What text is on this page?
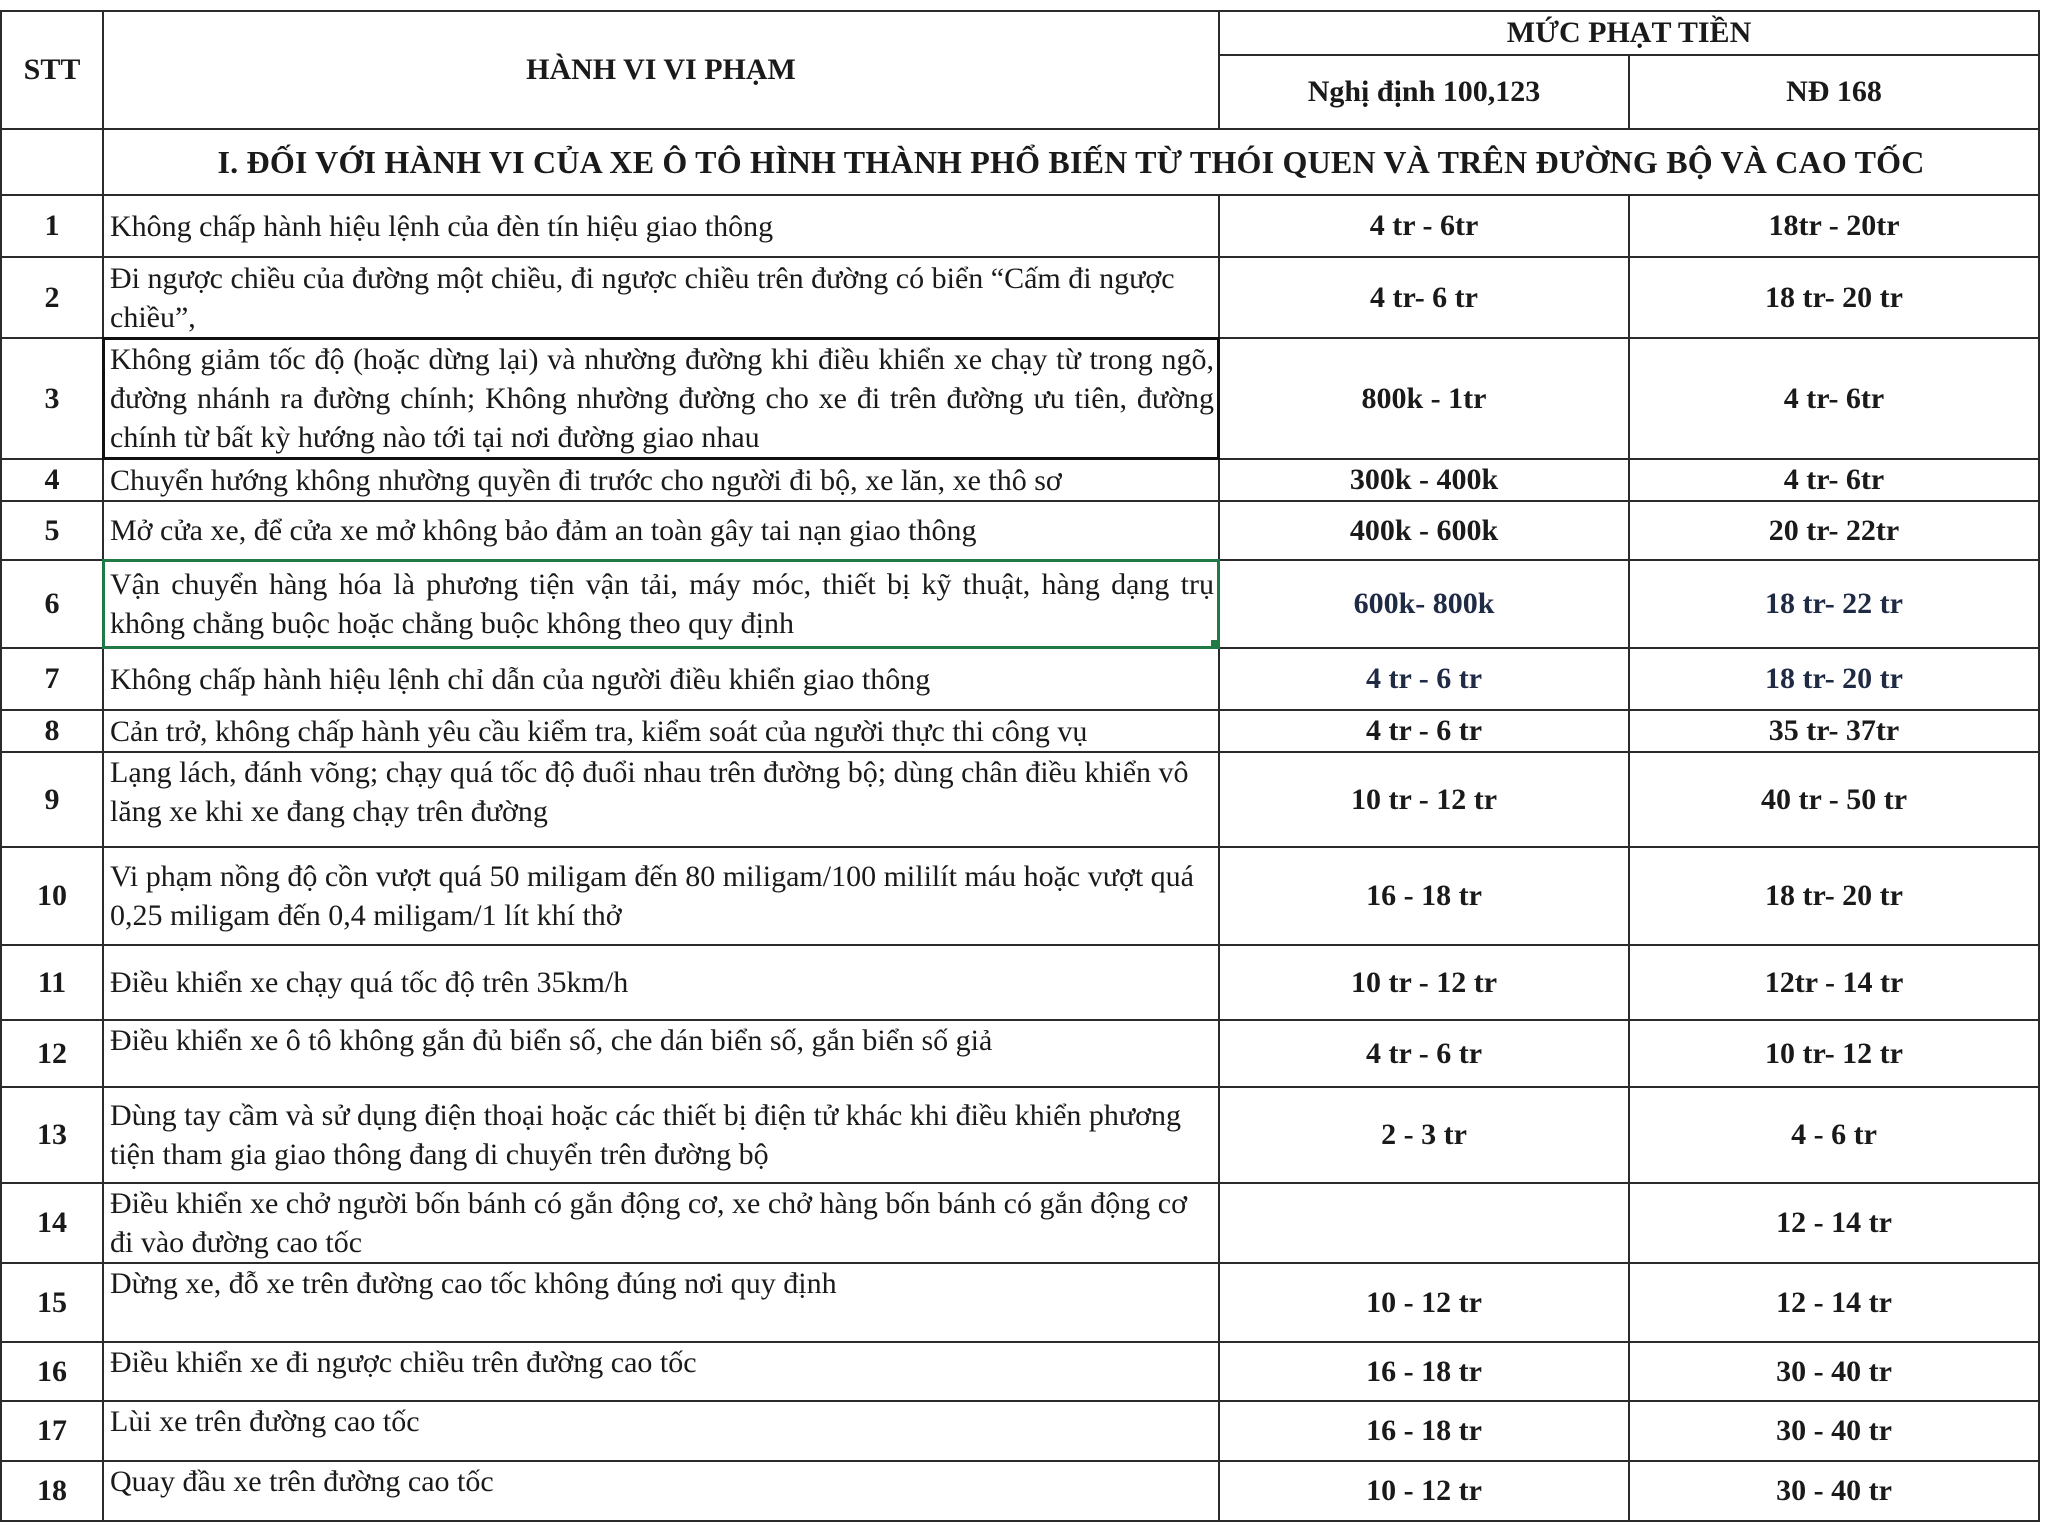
STT	HÀNH VI VI PHẠM	MỨC PHẠT TIỀN	
		Nghị định 100,123	NĐ 168
	I. ĐỐI VỚI HÀNH VI CỦA XE Ô TÔ HÌNH THÀNH PHỔ BIẾN TỪ THÓI QUEN VÀ TRÊN ĐƯỜNG BỘ VÀ CAO TỐC		
1	Không chấp hành hiệu lệnh của đèn tín hiệu giao thông	4 tr - 6tr	18tr - 20tr
2	Đi ngược chiều của đường một chiều, đi ngược chiều trên đường có biển “Cấm đi ngược chiều”,	4 tr- 6 tr	18 tr- 20 tr
3	Không giảm tốc độ (hoặc dừng lại) và nhường đường khi điều khiển xe chạy từ trong ngõ, đường nhánh ra đường chính; Không nhường đường cho xe đi trên đường ưu tiên, đường chính từ bất kỳ hướng nào tới tại nơi đường giao nhau	800k - 1tr	4 tr- 6tr
4	Chuyển hướng không nhường quyền đi trước cho người đi bộ, xe lăn, xe thô sơ	300k - 400k	4 tr- 6tr
5	Mở cửa xe, để cửa xe mở không bảo đảm an toàn gây tai nạn giao thông	400k - 600k	20 tr- 22tr
6	Vận chuyển hàng hóa là phương tiện vận tải, máy móc, thiết bị kỹ thuật, hàng dạng trụ không chằng buộc hoặc chằng buộc không theo quy định	600k- 800k	18 tr- 22 tr
7	Không chấp hành hiệu lệnh chỉ dẫn của người điều khiển giao thông	4 tr - 6 tr	18 tr- 20 tr
8	Cản trở, không chấp hành yêu cầu kiểm tra, kiểm soát của người thực thi công vụ	4 tr - 6 tr	35 tr- 37tr
9	Lạng lách, đánh võng; chạy quá tốc độ đuổi nhau trên đường bộ; dùng chân điều khiển vô lăng xe khi xe đang chạy trên đường	10 tr - 12 tr	40 tr - 50 tr
10	Vi phạm nồng độ cồn vượt quá 50 miligam đến 80 miligam/100 mililít máu hoặc vượt quá 0,25 miligam đến 0,4 miligam/1 lít khí thở	16 - 18 tr	18 tr- 20 tr
11	Điều khiển xe chạy quá tốc độ trên 35km/h	10 tr - 12 tr	12tr - 14 tr
12	Điều khiển xe ô tô không gắn đủ biển số, che dán biển số, gắn biển số giả	4 tr - 6 tr	10 tr- 12 tr
13	Dùng tay cầm và sử dụng điện thoại hoặc các thiết bị điện tử khác khi điều khiển phương tiện tham gia giao thông đang di chuyển trên đường bộ	2 - 3 tr	4 - 6 tr
14	Điều khiển xe chở người bốn bánh có gắn động cơ, xe chở hàng bốn bánh có gắn động cơ đi vào đường cao tốc		12 - 14 tr
15	Dừng xe, đỗ xe trên đường cao tốc không đúng nơi quy định	10 - 12 tr	12 - 14 tr
16	Điều khiển xe đi ngược chiều trên đường cao tốc	16 - 18 tr	30 - 40 tr
17	Lùi xe trên đường cao tốc	16 - 18 tr	30 - 40 tr
18	Quay đầu xe trên đường cao tốc	10 - 12 tr	30 - 40 tr
